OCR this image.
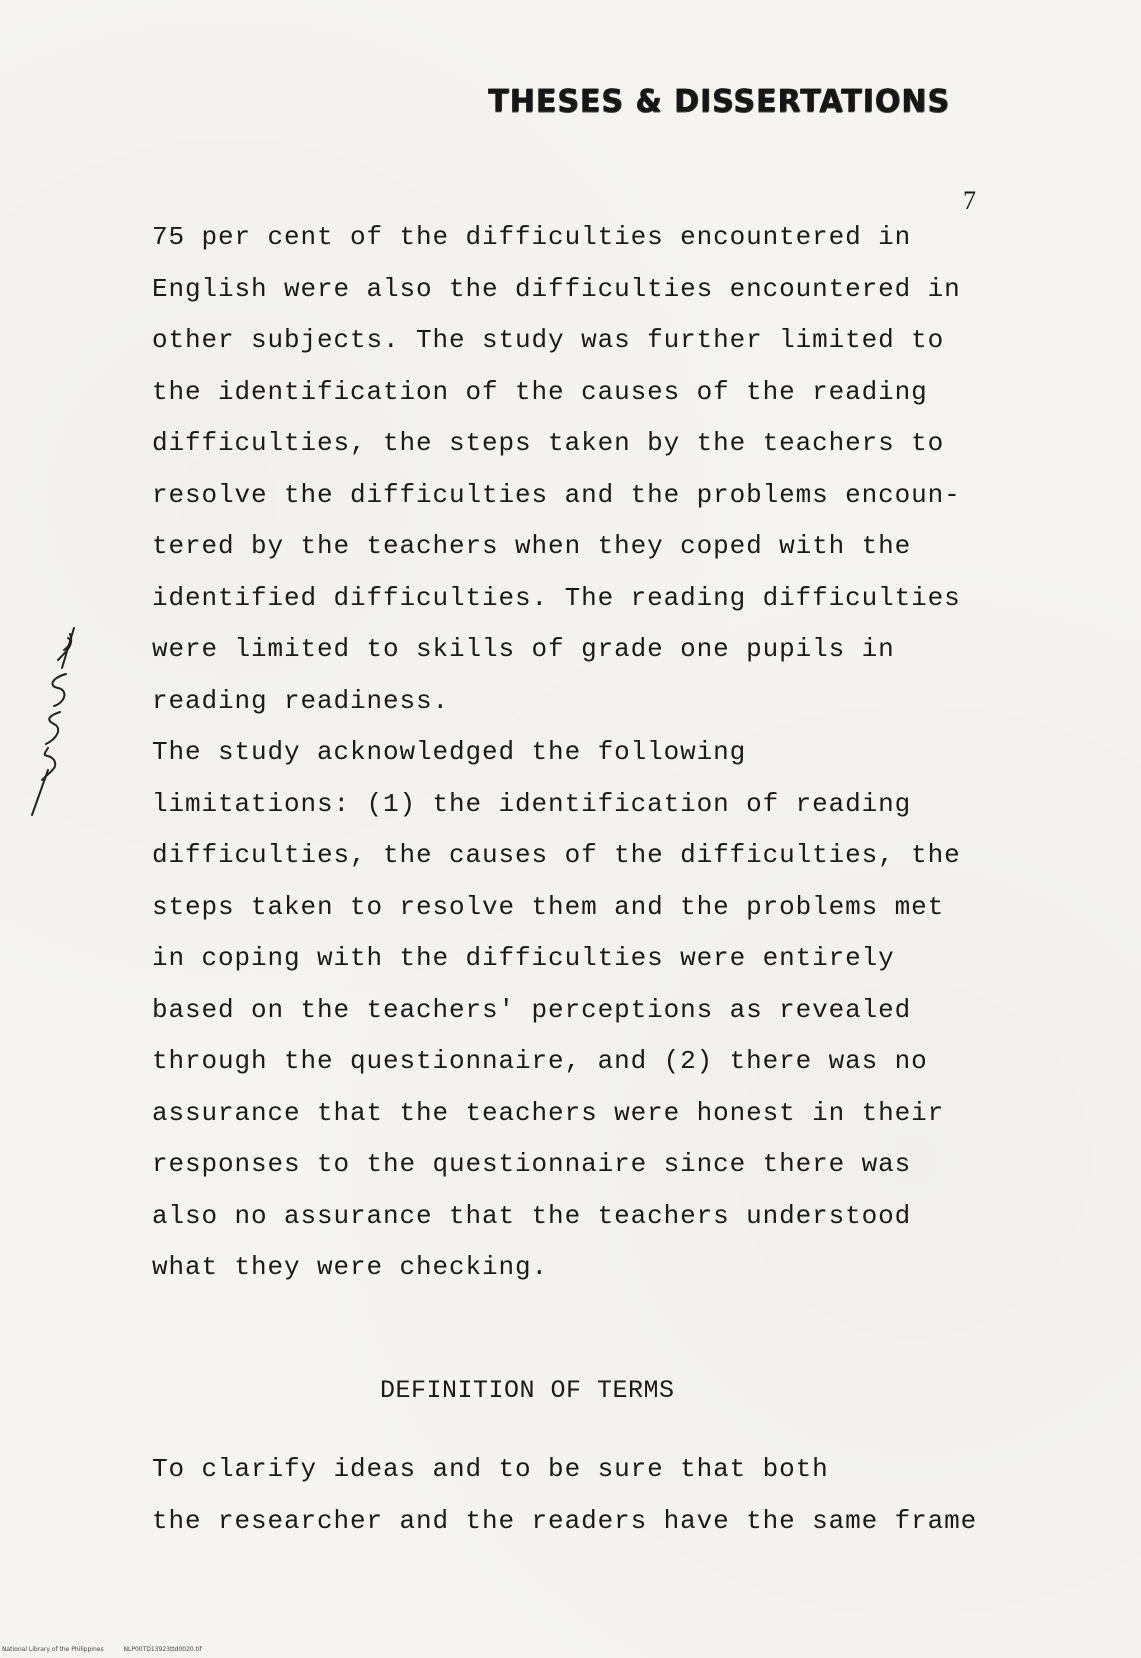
THESES & DISSERTATIONS
7
75 per cent of the difficulties encountered in
English were also the difficulties encountered in
other subjects. The study was further limited to
the identification of the causes of the reading
difficulties, the steps taken by the teachers to
resolve the difficulties and the problems encoun-
tered by the teachers when they coped with the
identified difficulties. The reading difficulties
were limited to skills of grade one pupils in
reading readiness.
The study acknowledged the following
limitations: (1) the identification of reading
difficulties, the causes of the difficulties, the
steps taken to resolve them and the problems met
in coping with the difficulties were entirely
based on the teachers' perceptions as revealed
through the questionnaire, and (2) there was no
assurance that the teachers were honest in their
responses to the questionnaire since there was
also no assurance that the teachers understood
what they were checking.
DEFINITION OF TERMS
To clarify ideas and to be sure that both
the researcher and the readers have the same frame
National Library of the Philippines	NLP00TD13923ttd0020.tif
